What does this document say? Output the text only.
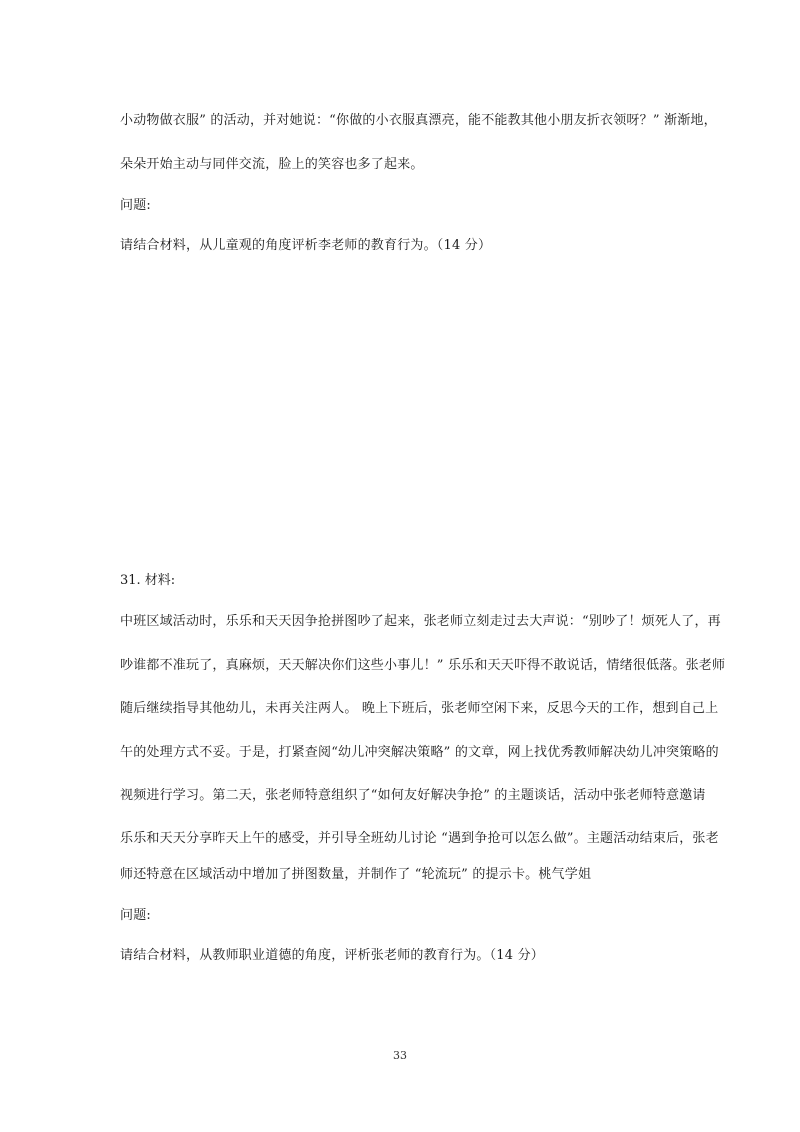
小动物做衣服” 的活动，并对她说：“你做的小衣服真漂亮，能不能教其他小朋友折衣领呀？” 渐渐地，
朵朵开始主动与同伴交流，脸上的笑容也多了起来。
问题:
请结合材料，从儿童观的角度评析李老师的教育行为。（14 分）
31. 材料:
中班区域活动时，乐乐和天天因争抢拼图吵了起来，张老师立刻走过去大声说：“别吵了！烦死人了，再
吵谁都不准玩了，真麻烦，天天解决你们这些小事儿！” 乐乐和天天吓得不敢说话，情绪很低落。张老师
随后继续指导其他幼儿，未再关注两人。 晚上下班后，张老师空闲下来，反思今天的工作，想到自己上
午的处理方式不妥。于是，打紧查阅“幼儿冲突解决策略” 的文章，网上找优秀教师解决幼儿冲突策略的
视频进行学习。第二天，张老师特意组织了“如何友好解决争抢” 的主题谈话，活动中张老师特意邀请
乐乐和天天分享昨天上午的感受，并引导全班幼儿讨论 “遇到争抢可以怎么做”。主题活动结束后，张老
师还特意在区域活动中增加了拼图数量，并制作了 “轮流玩” 的提示卡。桃气学姐
问题:
请结合材料，从教师职业道德的角度，评析张老师的教育行为。（14 分）
33
